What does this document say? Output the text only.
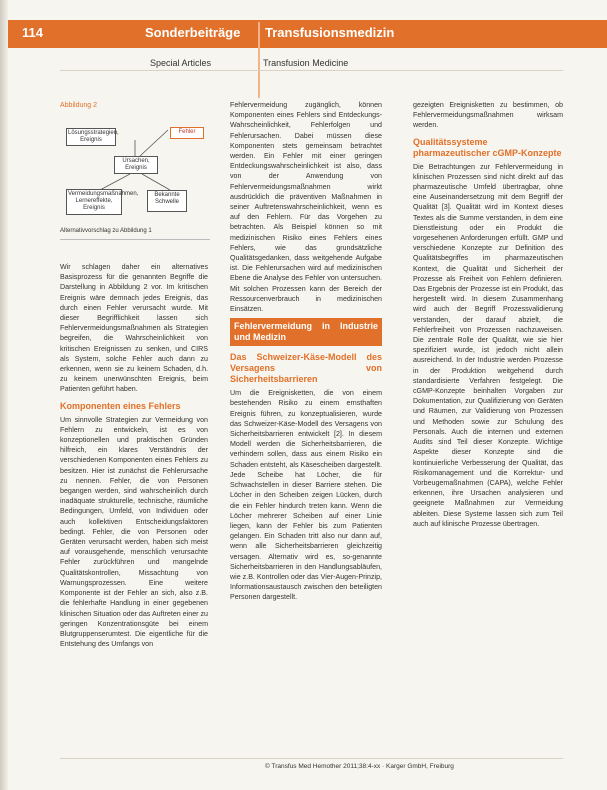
114	Sonderbeiträge Transfusionsmedizin
Special Articles	Transfusion Medicine
Abbildung 2
Lösungsstrategien, Ereignis
Fehler
Ursachen, Ereignis
Vermeidungsmaßnahmen, Lernereffekte, Ereignis
Bekannte Schwelle
Alternativvorschlag zu Abbildung 1

Wir schlagen daher ein alternatives Basisprozess für die genannten Begriffe die Darstellung in Abbildung 2 vor. Im kritischen Ereignis wäre demnach jedes Ereignis, das durch einen Fehler verursacht wurde. Mit dieser Begrifflichkeit lassen sich Fehlervermeidungsmaßnahmen als Strategien begreifen, die Wahrscheinlichkeit von kritischen Ereignissen zu senken, und CIRS als System, solche Fehler auch dann zu erkennen, wenn sie zu keinem Schaden, d.h. zu keinem unerwünschten Ereignis, beim Patienten geführt haben.

Komponenten eines Fehlers

Um sinnvolle Strategien zur Vermeidung von Fehlern zu entwickeln, ist es von konzeptionellen und praktischen Gründen hilfreich, ein klares Verständnis der verschiedenen Komponenten eines Fehlers zu besitzen. Hier ist zunächst die Fehlerursache zu nennen. Fehler, die von Personen begangen werden, sind wahrscheinlich durch inadäquate strukturelle, technische, räumliche Bedingungen, Umfeld, von Individuen oder auch kollektiven Entscheidungsfaktoren bedingt. Fehler, die von Personen oder Geräten verursacht werden, haben sich meist auf vorausgehende, menschlich verursachte Fehler zurückführen und mangelnde Qualitätskontrollen, Missachtung von Warnungsprozessen. Eine weitere Komponente ist der Fehler an sich, also z.B. die fehlerhafte Handlung in einer gegebenen klinischen Situation oder das Auftreten einer zu geringen Konzentrationsgüte bei einem Blutgruppenserumtest. Die eigentliche für die Entstehung des Umfangs von

Fehlervermeidung zugänglich, können Komponenten eines Fehlers sind Entdeckungs-Wahrscheinlichkeit, Fehlerfolgen und Fehlerursachen. Dabei müssen diese Komponenten stets gemeinsam betrachtet werden. Ein Fehler mit einer geringen Entdeckungswahrscheinlichkeit ist also, dass von der Anwendung von Fehlervermeidungsmaßnahmen wirkt ausdrücklich die präventiven Maßnahmen in seiner Auftretenswahrscheinlichkeit, wenn es auf den Fehlern. Für das Vorgehen zu betrachten. Als Beispiel können so mit medizinischen Risiko eines Fehlers eines Fehlers, wie das grundsätzliche Qualitätsgedanken, dass weitgehende Aufgabe ist. Die Fehlerursachen wird auf medizinischen Ebene die Analyse des Fehler von untersuchen. Mit solchen Prozessen kann der Bereich der Ressourcenverbrauch in medizinischen Einsätzen.

Fehlervermeidung in Industrie und Medizin
Das Schweizer-Käse-Modell des Versagens von Sicherheitsbarrieren

Um die Ereignisketten, die von einem bestehenden Risiko zu einem ernsthaften Ereignis führen, zu konzeptualisieren, wurde das Schweizer-Käse-Modell des Versagens von Sicherheitsbarrieren entwickelt [2]. In diesem Modell werden die Sicherheitsbarrieren, die verhindern sollen, dass aus einem Risiko ein Schaden entsteht, als Käsescheiben dargestellt. Jede Scheibe hat Löcher, die für Schwachstellen in dieser Barriere stehen. Die Löcher in den Scheiben zeigen Lücken, durch die ein Fehler hindurch treten kann. Wenn die Löcher mehrerer Scheiben auf einer Linie liegen, kann der Fehler bis zum Patienten gelangen. Ein Schaden tritt also nur dann auf, wenn alle Sicherheitsbarrieren gleichzeitig versagen. Alternativ wird es, so-genannte Sicherheitsbarrieren in den Handlungsabläufen, wie z.B. Kontrollen oder das Vier-Augen-Prinzip, Informationsaustausch zwischen den beteiligten Personen dargestellt.

gezeigten Ereignisketten zu bestimmen, ob Fehlervermeidungsmaßnahmen wirksam werden.

Qualitätssysteme pharmazeutischer cGMP-Konzepte

Die Betrachtungen zur Fehlervermeidung in klinischen Prozessen sind nicht direkt auf das pharmazeutische Umfeld übertragbar, ohne eine Auseinandersetzung mit dem Begriff der Qualität [3]. Qualität wird im Kontext dieses Textes als die Summe verstanden, in dem eine Dienstleistung oder ein Produkt die vorgesehenen Anforderungen erfüllt. GMP und verschiedene Konzepte zur Definition des Qualitätsbegriffes im pharmazeutischen Kontext, die Qualität und Sicherheit der Prozesse als Freiheit von Fehlern definieren. Das Ergebnis der Prozesse ist ein Produkt, das hergestellt wird. In diesem Zusammenhang wird auch der Begriff Prozessvalidierung verstanden, der darauf abzielt, die Fehlerfreiheit von Prozessen nachzuweisen. Die zentrale Rolle der Qualität, wie sie hier spezifiziert wurde, ist jedoch nicht allein ausreichend. In der Industrie werden Prozesse in der Produktion weitgehend durch standardisierte Verfahren festgelegt. Die cGMP-Konzepte beinhalten Vorgaben zur Dokumentation, zur Qualifizierung von Geräten und Räumen, zur Validierung von Prozessen und Methoden sowie zur Schulung des Personals. Auch die internen und externen Audits sind Teil dieser Konzepte. Wichtige Aspekte dieser Konzepte sind die kontinuierliche Verbesserung der Qualität, das Risikomanagement und die Korrektur- und Vorbeugemaßnahmen (CAPA), welche Fehler erkennen, ihre Ursachen analysieren und geeignete Maßnahmen zur Vermeidung ableiten. Diese Systeme lassen sich zum Teil auch auf klinische Prozesse übertragen.

© Transfus Med Hemother 2011;38:4-xx · Karger GmbH, Freiburg
